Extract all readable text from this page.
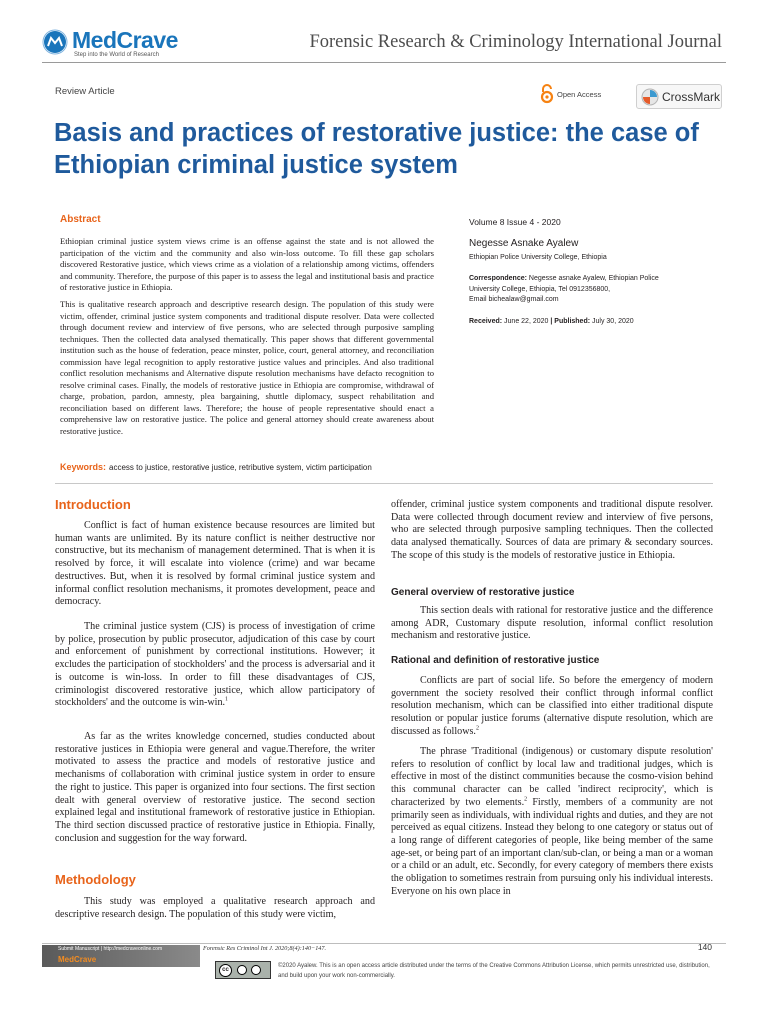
MedCrave
Step into the World of Research
Forensic Research & Criminology International Journal
Review Article	Open Access	CrossMark
Basis and practices of restorative justice: the case of Ethiopian criminal justice system
Abstract

Ethiopian criminal justice system views crime is an offense against the state and is not allowed the participation of the victim and the community and also win-loss outcome. To fill these gap scholars discovered Restorative justice, which views crime as a violation of a relationship among victims, offenders and community. Therefore, the purpose of this paper is to assess the legal and institutional basis and practice of restorative justice in Ethiopia.

This is qualitative research approach and descriptive research design. The population of this study were victim, offender, criminal justice system components and traditional dispute resolver. Data were collected through document review and interview of five persons, who are selected through purposive sampling techniques. Then the collected data analysed thematically. This paper shows that different governmental institution such as the house of federation, peace minster, police, court, general attorney, and reconciliation commission have legal recognition to apply restorative justice values and principles. And also traditional conflict resolution mechanisms and Alternative dispute resolution mechanisms have defacto recognition to resolve criminal cases. Finally, the models of restorative justice in Ethiopia are compromise, withdrawal of charge, probation, pardon, amnesty, plea bargaining, shuttle diplomacy, suspect rehabilitation and reconciliation based on different laws. Therefore; the house of people representative should enact a comprehensive law on restorative justice. The police and general attorney should create awareness about restorative justice.

Keywords: access to justice, restorative justice, retributive system, victim participation
Volume 8 Issue 4 - 2020
Negesse Asnake Ayalew
Ethiopian Police University College, Ethiopia
Correspondence: Negesse asnake Ayalew, Ethiopian Police University College, Ethiopia, Tel 0912356800,
Email bichealaw@gmail.com
Received: June 22, 2020 | Published: July 30, 2020
Introduction

Conflict is fact of human existence because resources are limited but human wants are unlimited. By its nature conflict is neither destructive nor constructive, but its mechanism of management determined. That is when it is resolved by force, it will escalate into violence (crime) and war became destructives. But, when it is resolved by formal criminal justice system and informal conflict resolution mechanisms, it promotes development, peace and democracy.

The criminal justice system (CJS) is process of investigation of crime by police, prosecution by public prosecutor, adjudication of this case by court and enforcement of punishment by correctional institutions. However; it excludes the participation of stockholders' and the process is adversarial and it is outcome is win-loss. In order to fill these disadvantages of CJS, criminologist discovered restorative justice, which allow participatory of stockholders' and the outcome is win-win.$^1$

As far as the writes knowledge concerned, studies conducted about restorative justices in Ethiopia were general and vague.Therefore, the writer motivated to assess the practice and models of restorative justice and mechanisms of collaboration with criminal justice system in order to ensure the right to justice. This paper is organized into four sections. The first section dealt with general overview of restorative justice. The second section explained legal and institutional framework of restorative justice in Ethiopian. The third section discussed practice of restorative justice in Ethiopia. Finally, conclusion and suggestion for the way forward.

Methodology

This study was employed a qualitative research approach and descriptive research design. The population of this study were victim,

offender, criminal justice system components and traditional dispute resolver. Data were collected through document review and interview of five persons, who are selected through purposive sampling techniques. Then the collected data analysed thematically. Sources of data are primary & secondary sources. The scope of this study is the models of restorative justice in Ethiopia.

General overview of restorative justice

This section deals with rational for restorative justice and the difference among ADR, Customary dispute resolution, informal conflict resolution mechanism and restorative justice.

Rational and definition of restorative justice

Conflicts are part of social life. So before the emergency of modern government the society resolved their conflict through informal conflict resolution mechanism, which can be classified into either traditional dispute resolution or popular justice forums (alternative dispute resolution, which are discussed as follows.$^2$

The phrase 'Traditional (indigenous) or customary dispute resolution' refers to resolution of conflict by local law and traditional judges, which is effective in most of the distinct communities because the cosmo-vision behind this communal character can be called 'indirect reciprocity', which is characterized by two elements.$^2$ Firstly, members of a community are not primarily seen as individuals, with individual rights and duties, and they are not perceived as equal citizens. Instead they belong to one category or status out of a long range of different categories of people, like being member of the same age-set, or being part of an important clan/sub-clan, or being a man or a woman or a child or an adult, etc. Secondly, for every category of members there exists the obligation to sometimes restrain from pursuing only his individual interests. Everyone on his own place in

Submit Manuscript | http://medcraveonline.com
MedCrave
Forensic Res Criminol Int J. 2020;8(4):140−147.	140
cc
©2020 Ayalew. This is an open access article distributed under the terms of the Creative Commons Attribution License, which permits unrestricted use, distribution, and build upon your work non-commercially.
